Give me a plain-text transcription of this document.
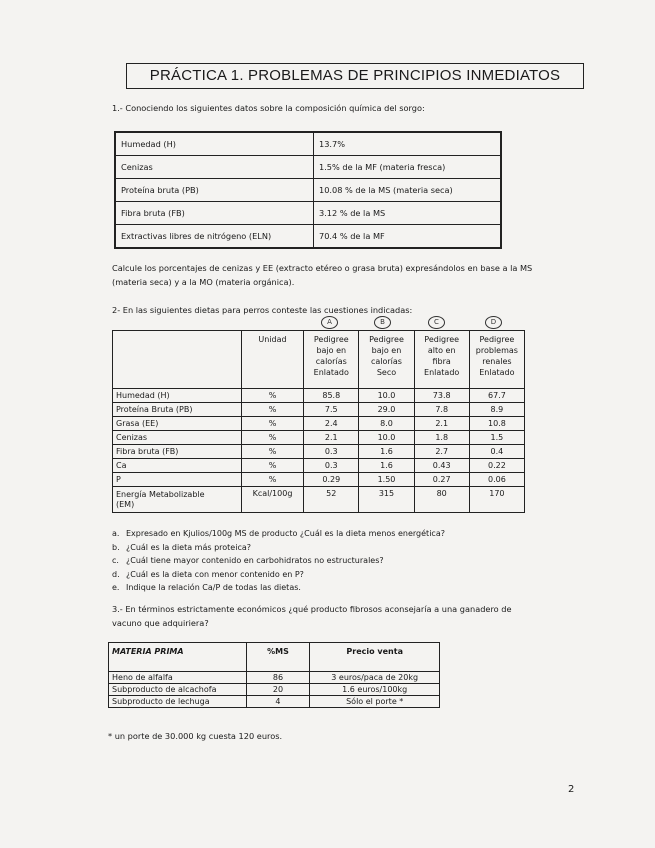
PRÁCTICA 1. PROBLEMAS DE PRINCIPIOS INMEDIATOS
1.- Conociendo los siguientes datos sobre la composición química del sorgo:
Humedad (H)	13.7%
Cenizas	1.5% de la MF (materia fresca)
Proteína bruta (PB)	10.08 % de la MS (materia seca)
Fibra bruta (FB)	3.12 % de la MS
Extractivas libres de nitrógeno (ELN)	70.4 % de la MF
Calcule los porcentajes de cenizas y EE (extracto etéreo o grasa bruta) expresándolos en base a la MS
(materia seca) y a la MO (materia orgánica).
2- En las siguientes dietas para perros conteste las cuestiones indicadas:
A	B	C	D
	Unidad	Pedigree
bajo en
calorías
Enlatado	Pedigree
bajo en
calorías
Seco	Pedigree
alto en
fibra
Enlatado	Pedigree
problemas
renales
Enlatado
Humedad (H)	%	85.8	10.0	73.8	67.7
Proteína Bruta (PB)	%	7.5	29.0	7.8	8.9
Grasa (EE)	%	2.4	8.0	2.1	10.8
Cenizas	%	2.1	10.0	1.8	1.5
Fibra bruta (FB)	%	0.3	1.6	2.7	0.4
Ca	%	0.3	1.6	0.43	0.22
P	%	0.29	1.50	0.27	0.06
Energía Metabolizable
(EM)	Kcal/100g	52	315	80	170
a. Expresado en Kjulios/100g MS de producto ¿Cuál es la dieta menos energética?
b. ¿Cuál es la dieta más proteica?
c. ¿Cuál tiene mayor contenido en carbohidratos no estructurales?
d. ¿Cuál es la dieta con menor contenido en P?
e. Indique la relación Ca/P de todas las dietas.
3.- En términos estrictamente económicos ¿qué producto fibrosos aconsejaría a una ganadero de
vacuno que adquiriera?
MATERIA PRIMA	%MS	Precio venta
Heno de alfalfa	86	3 euros/paca de 20kg
Subproducto de alcachofa	20	1.6 euros/100kg
Subproducto de lechuga	4	Sólo el porte *
* un porte de 30.000 kg cuesta 120 euros.
2
